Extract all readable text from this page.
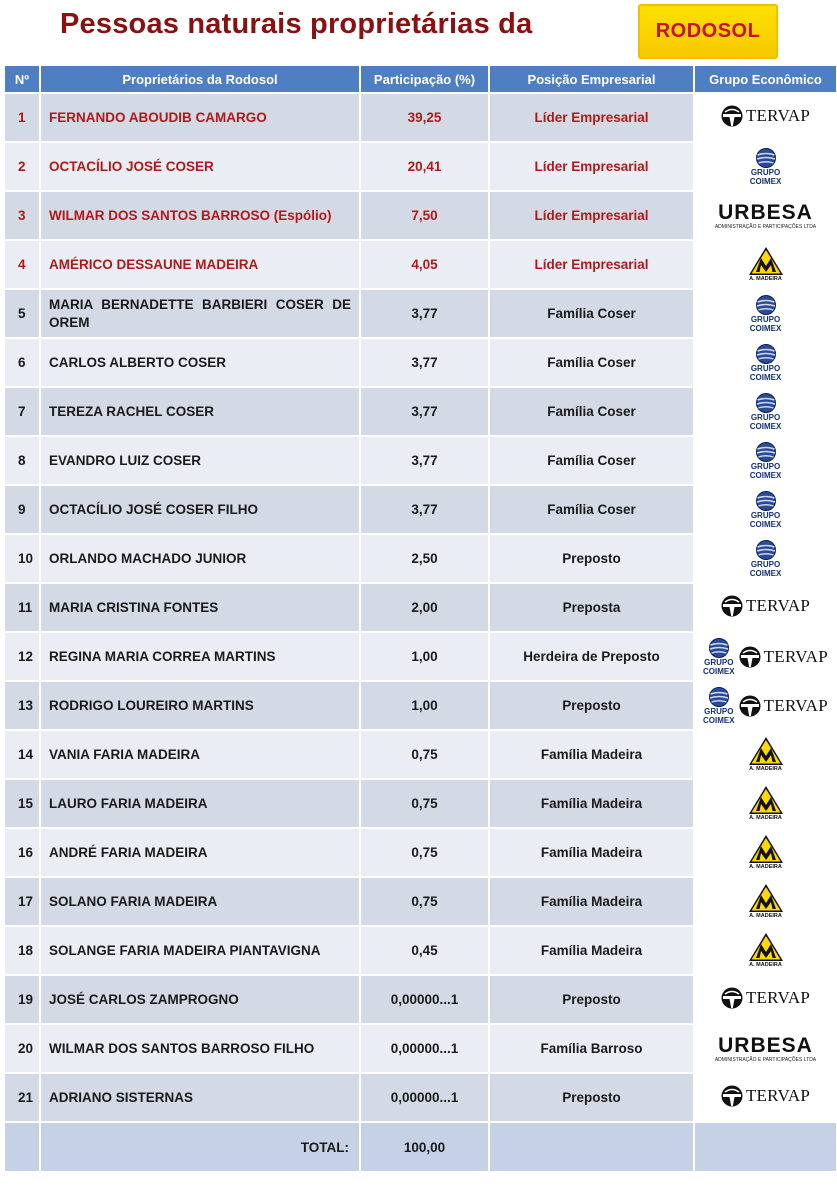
Pessoas naturais proprietárias da	RODOSOL
Nº	Proprietários da Rodosol	Participação (%)	Posição Empresarial	Grupo Econômico
1	FERNANDO ABOUDIB CAMARGO	39,25	Líder Empresarial	TERVAP

2	OCTACÍLIO JOSÉ COSER	20,41	Líder Empresarial	GRUPO
COIMEX

3	WILMAR DOS SANTOS BARROSO (Espólio)	7,50	Líder Empresarial	URBESA
ADMINISTRAÇÃO E PARTICIPAÇÕES LTDA

4	AMÉRICO DESSAUNE MADEIRA	4,05	Líder Empresarial	A. MADEIRA

5	MARIA BERNADETTE BARBIERI COSER DE OREM	3,77	Família Coser	GRUPO
COIMEX

6	CARLOS ALBERTO COSER	3,77	Família Coser	GRUPO
COIMEX

7	TEREZA RACHEL COSER	3,77	Família Coser	GRUPO
COIMEX

8	EVANDRO LUIZ COSER	3,77	Família Coser	GRUPO
COIMEX

9	OCTACÍLIO JOSÉ COSER FILHO	3,77	Família Coser	GRUPO
COIMEX

10	ORLANDO MACHADO JUNIOR	2,50	Preposto	GRUPO
COIMEX

11	MARIA CRISTINA FONTES	2,00	Preposta	TERVAP

12	REGINA MARIA CORREA MARTINS	1,00	Herdeira de Preposto	GRUPO
COIMEX
TERVAP

13	RODRIGO LOUREIRO MARTINS	1,00	Preposto	GRUPO
COIMEX
TERVAP

14	VANIA FARIA MADEIRA	0,75	Família Madeira	A. MADEIRA

15	LAURO FARIA MADEIRA	0,75	Família Madeira	A. MADEIRA

16	ANDRÉ FARIA MADEIRA	0,75	Família Madeira	A. MADEIRA

17	SOLANO FARIA MADEIRA	0,75	Família Madeira	A. MADEIRA

18	SOLANGE FARIA MADEIRA PIANTAVIGNA	0,45	Família Madeira	A. MADEIRA

19	JOSÉ CARLOS ZAMPROGNO	0,00000...1	Preposto	TERVAP

20	WILMAR DOS SANTOS BARROSO FILHO	0,00000...1	Família Barroso	URBESA
ADMINISTRAÇÃO E PARTICIPAÇÕES LTDA

21	ADRIANO SISTERNAS	0,00000...1	Preposto	TERVAP

	TOTAL:	100,00		
